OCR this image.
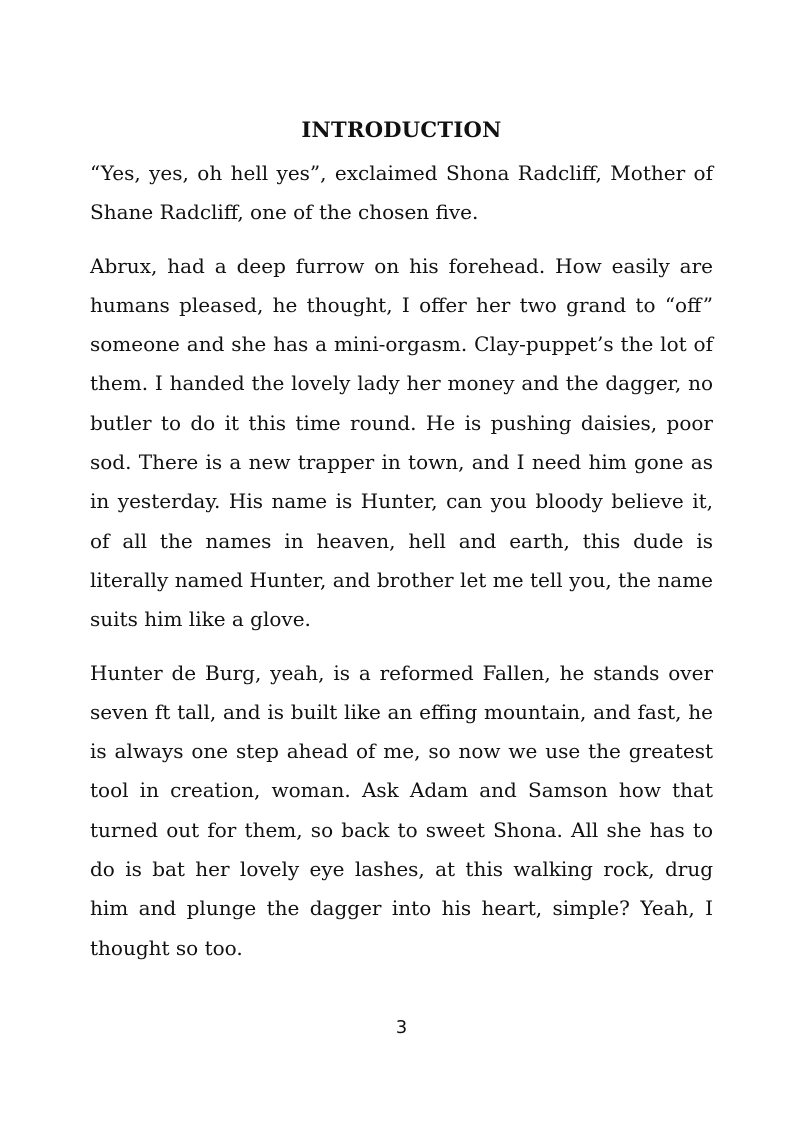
INTRODUCTION

“Yes, yes, oh hell yes”, exclaimed Shona Radcliff, Mother of Shane Radcliff, one of the chosen five.

Abrux, had a deep furrow on his forehead. How easily are humans pleased, he thought, I offer her two grand to “off” someone and she has a mini-orgasm. Clay-puppet’s the lot of them. I handed the lovely lady her money and the dagger, no butler to do it this time round. He is pushing daisies, poor sod. There is a new trapper in town, and I need him gone as in yesterday. His name is Hunter, can you bloody believe it, of all the names in heaven, hell and earth, this dude is literally named Hunter, and brother let me tell you, the name suits him like a glove.

Hunter de Burg, yeah, is a reformed Fallen, he stands over seven ft tall, and is built like an effing mountain, and fast, he is always one step ahead of me, so now we use the greatest tool in creation, woman. Ask Adam and Samson how that turned out for them, so back to sweet Shona. All she has to do is bat her lovely eye lashes, at this walking rock, drug him and plunge the dagger into his heart, simple? Yeah, I thought so too.

3
